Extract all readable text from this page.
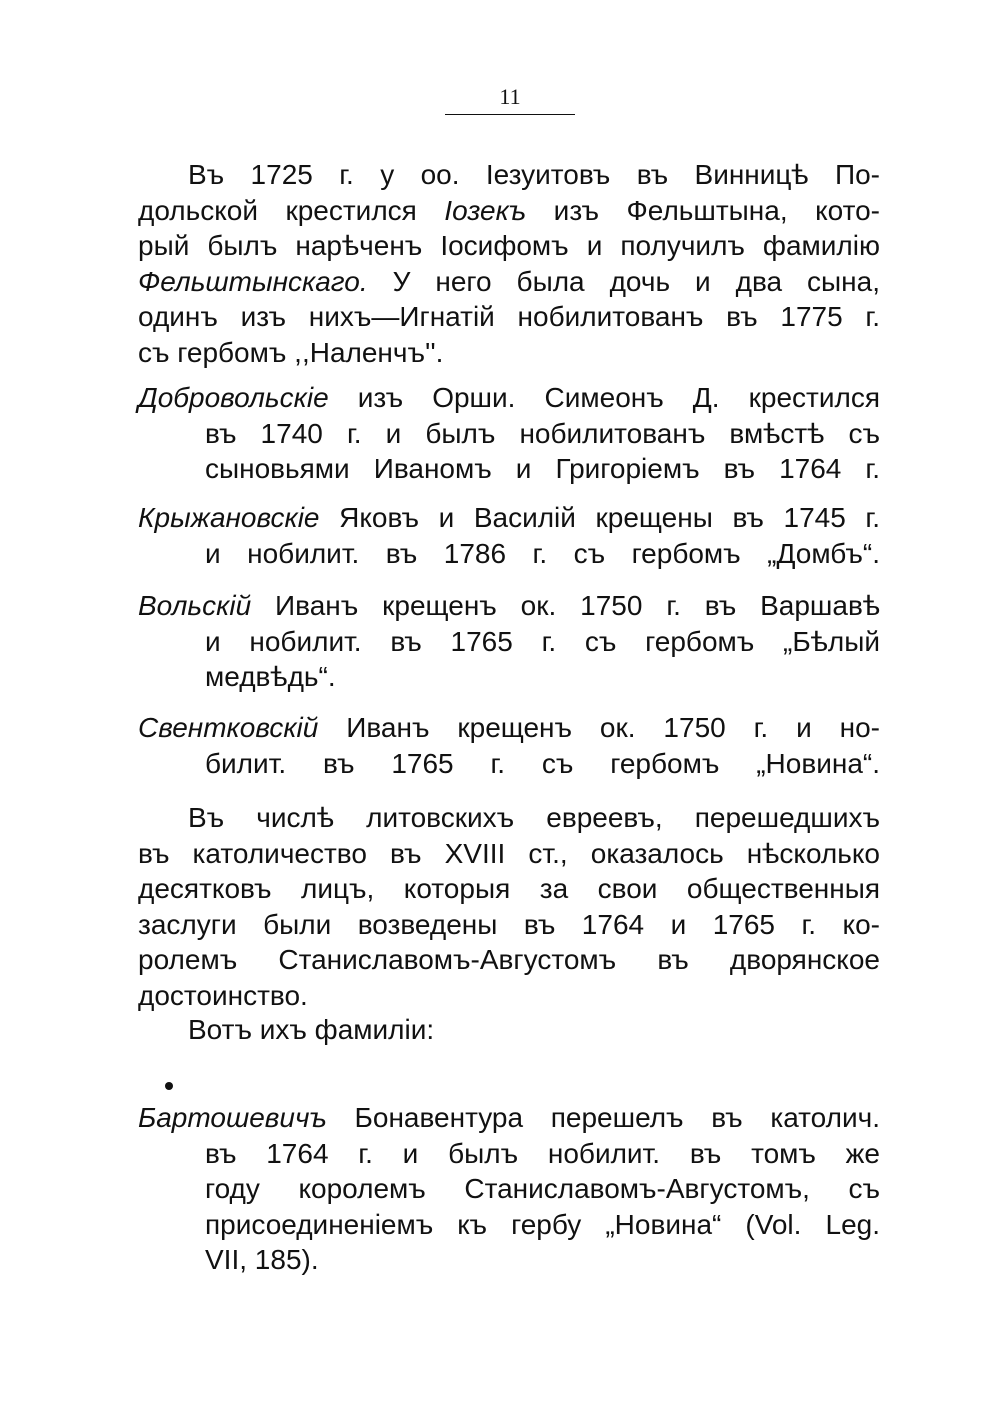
11
Въ 1725 г. у оо. Іезуитовъ въ Винницѣ По-
дольской крестился Іозекъ изъ Фельштына, кото-
рый былъ нарѣченъ Іосифомъ и получилъ фамилію
Фельштынскаго. У него была дочь и два сына,
одинъ изъ нихъ—Игнатій нобилитованъ въ 1775 г.
съ гербомъ ,,Наленчъ''.
Добровольскіе изъ Орши. Симеонъ Д. крестился
въ 1740 г. и былъ нобилитованъ вмѣстѣ съ
сыновьями Иваномъ и Григоріемъ въ 1764 г.
Крыжановскіе Яковъ и Василій крещены въ 1745 г.
и нобилит. въ 1786 г. съ гербомъ „Домбъ“.
Вольскій Иванъ крещенъ ок. 1750 г. въ Варшавѣ
и нобилит. въ 1765 г. съ гербомъ „Бѣлый
медвѣдь“.
Свентковскій Иванъ крещенъ ок. 1750 г. и но-
билит. въ 1765 г. съ гербомъ „Новина“.
Въ числѣ литовскихъ евреевъ, перешедшихъ
въ католичество въ XVIII ст., оказалось нѣсколько
десятковъ лицъ, которыя за свои общественныя
заслуги были возведены въ 1764 и 1765 г. ко-
ролемъ Станиславомъ-Августомъ въ дворянское
достоинство.
Вотъ ихъ фамиліи:
Бартошевичъ Бонавентура перешелъ въ католич.
въ 1764 г. и былъ нобилит. въ томъ же
году королемъ Станиславомъ-Августомъ, съ
присоединеніемъ къ гербу „Новина“ (Vol. Leg.
VII, 185).
